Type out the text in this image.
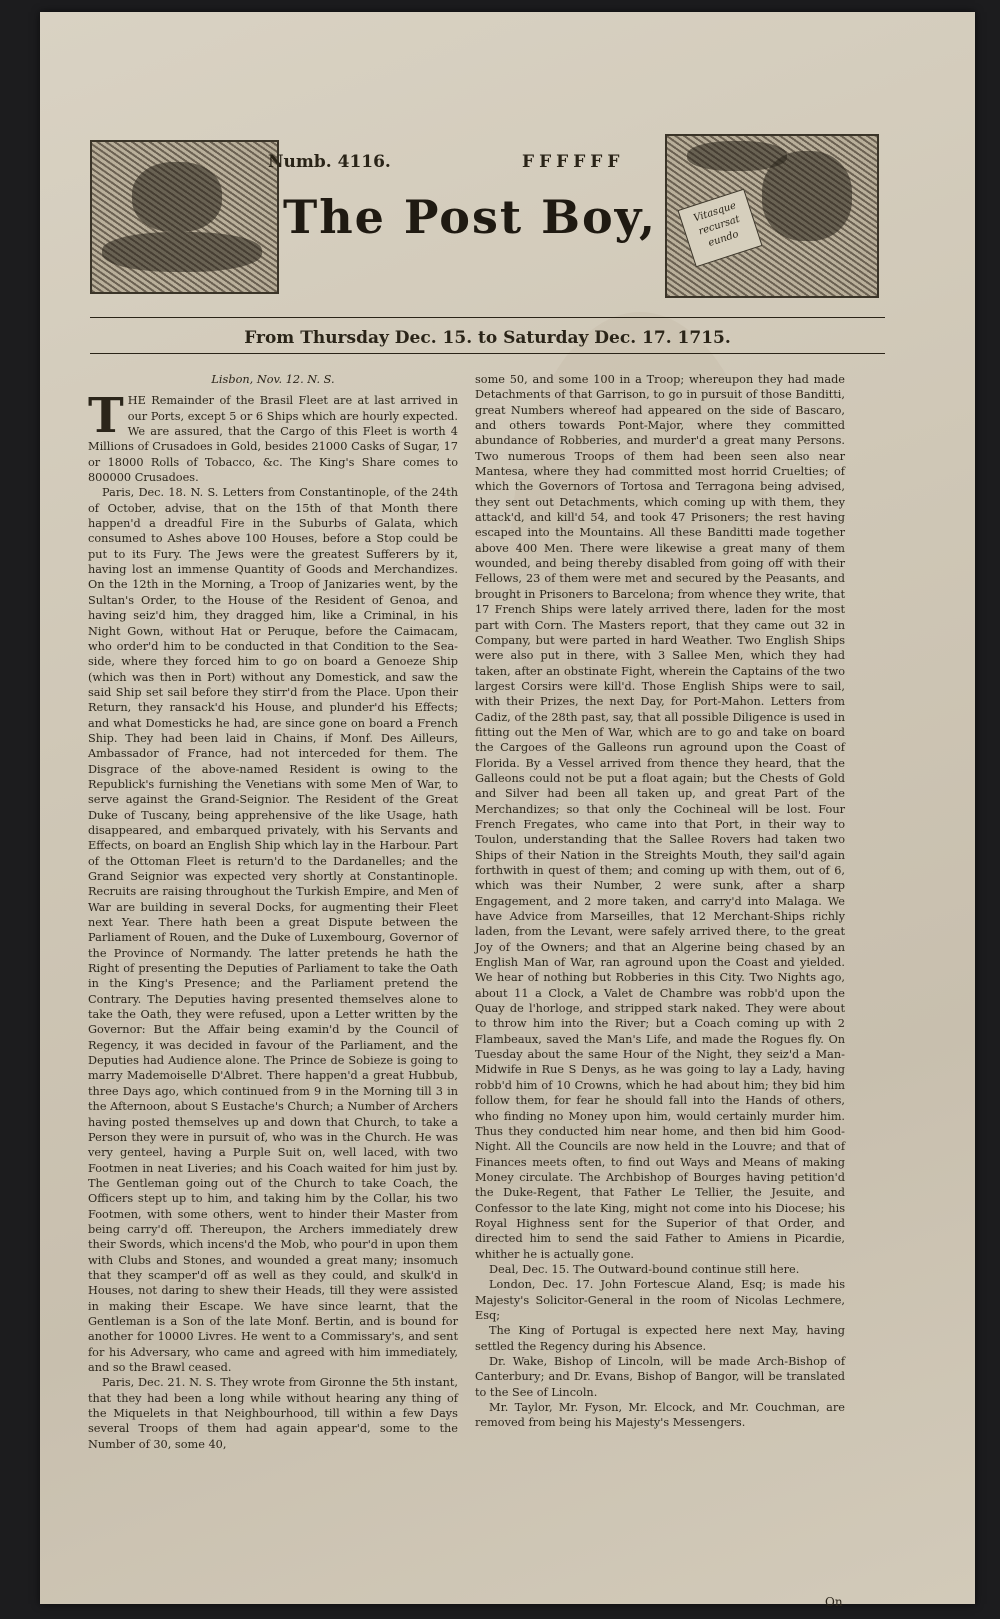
Vitasque recursat eundo
Numb. 4116.	FFFFFF
The Post Boy,
From Thursday Dec. 15. to Saturday Dec. 17. 1715.
Lisbon, Nov. 12. N. S.

THE Remainder of the Brasil Fleet are at last arrived in our Ports, except 5 or 6 Ships which are hourly expected. We are assured, that the Cargo of this Fleet is worth 4 Millions of Crusadoes in Gold, besides 21000 Casks of Sugar, 17 or 18000 Rolls of Tobacco, &c. The King's Share comes to 800000 Crusadoes.

Paris, Dec. 18. N. S. Letters from Constantinople, of the 24th of October, advise, that on the 15th of that Month there happen'd a dreadful Fire in the Suburbs of Galata, which consumed to Ashes above 100 Houses, before a Stop could be put to its Fury. The Jews were the greatest Sufferers by it, having lost an immense Quantity of Goods and Merchandizes. On the 12th in the Morning, a Troop of Janizaries went, by the Sultan's Order, to the House of the Resident of Genoa, and having seiz'd him, they dragged him, like a Criminal, in his Night Gown, without Hat or Peruque, before the Caimacam, who order'd him to be conducted in that Condition to the Sea-side, where they forced him to go on board a Genoeze Ship (which was then in Port) without any Domestick, and saw the said Ship set sail before they stirr'd from the Place. Upon their Return, they ransack'd his House, and plunder'd his Effects; and what Domesticks he had, are since gone on board a French Ship. They had been laid in Chains, if Monf. Des Ailleurs, Ambassador of France, had not interceded for them. The Disgrace of the above-named Resident is owing to the Republick's furnishing the Venetians with some Men of War, to serve against the Grand-Seignior. The Resident of the Great Duke of Tuscany, being apprehensive of the like Usage, hath disappeared, and embarqued privately, with his Servants and Effects, on board an English Ship which lay in the Harbour. Part of the Ottoman Fleet is return'd to the Dardanelles; and the Grand Seignior was expected very shortly at Constantinople. Recruits are raising throughout the Turkish Empire, and Men of War are building in several Docks, for augmenting their Fleet next Year. There hath been a great Dispute between the Parliament of Rouen, and the Duke of Luxembourg, Governor of the Province of Normandy. The latter pretends he hath the Right of presenting the Deputies of Parliament to take the Oath in the King's Presence; and the Parliament pretend the Contrary. The Deputies having presented themselves alone to take the Oath, they were refused, upon a Letter written by the Governor: But the Affair being examin'd by the Council of Regency, it was decided in favour of the Parliament, and the Deputies had Audience alone. The Prince de Sobieze is going to marry Mademoiselle D'Albret. There happen'd a great Hubbub, three Days ago, which continued from 9 in the Morning till 3 in the Afternoon, about S Eustache's Church; a Number of Archers having posted themselves up and down that Church, to take a Person they were in pursuit of, who was in the Church. He was very genteel, having a Purple Suit on, well laced, with two Footmen in neat Liveries; and his Coach waited for him just by. The Gentleman going out of the Church to take Coach, the Officers stept up to him, and taking him by the Collar, his two Footmen, with some others, went to hinder their Master from being carry'd off. Thereupon, the Archers immediately drew their Swords, which incens'd the Mob, who pour'd in upon them with Clubs and Stones, and wounded a great many; insomuch that they scamper'd off as well as they could, and skulk'd in Houses, not daring to shew their Heads, till they were assisted in making their Escape. We have since learnt, that the Gentleman is a Son of the late Monf. Bertin, and is bound for another for 10000 Livres. He went to a Commissary's, and sent for his Adversary, who came and agreed with him immediately, and so the Brawl ceased.

Paris, Dec. 21. N. S. They wrote from Gironne the 5th instant, that they had been a long while without hearing any thing of the Miquelets in that Neighbourhood, till within a few Days several Troops of them had again appear'd, some to the Number of 30, some 40,

some 50, and some 100 in a Troop; whereupon they had made Detachments of that Garrison, to go in pursuit of those Banditti, great Numbers whereof had appeared on the side of Bascaro, and others towards Pont-Major, where they committed abundance of Robberies, and murder'd a great many Persons. Two numerous Troops of them had been seen also near Mantesa, where they had committed most horrid Cruelties; of which the Governors of Tortosa and Terragona being advised, they sent out Detachments, which coming up with them, they attack'd, and kill'd 54, and took 47 Prisoners; the rest having escaped into the Mountains. All these Banditti made together above 400 Men. There were likewise a great many of them wounded, and being thereby disabled from going off with their Fellows, 23 of them were met and secured by the Peasants, and brought in Prisoners to Barcelona; from whence they write, that 17 French Ships were lately arrived there, laden for the most part with Corn. The Masters report, that they came out 32 in Company, but were parted in hard Weather. Two English Ships were also put in there, with 3 Sallee Men, which they had taken, after an obstinate Fight, wherein the Captains of the two largest Corsirs were kill'd. Those English Ships were to sail, with their Prizes, the next Day, for Port-Mahon. Letters from Cadiz, of the 28th past, say, that all possible Diligence is used in fitting out the Men of War, which are to go and take on board the Cargoes of the Galleons run aground upon the Coast of Florida. By a Vessel arrived from thence they heard, that the Galleons could not be put a float again; but the Chests of Gold and Silver had been all taken up, and great Part of the Merchandizes; so that only the Cochineal will be lost. Four French Fregates, who came into that Port, in their way to Toulon, understanding that the Sallee Rovers had taken two Ships of their Nation in the Streights Mouth, they sail'd again forthwith in quest of them; and coming up with them, out of 6, which was their Number, 2 were sunk, after a sharp Engagement, and 2 more taken, and carry'd into Malaga. We have Advice from Marseilles, that 12 Merchant-Ships richly laden, from the Levant, were safely arrived there, to the great Joy of the Owners; and that an Algerine being chased by an English Man of War, ran aground upon the Coast and yielded. We hear of nothing but Robberies in this City. Two Nights ago, about 11 a Clock, a Valet de Chambre was robb'd upon the Quay de l'horloge, and stripped stark naked. They were about to throw him into the River; but a Coach coming up with 2 Flambeaux, saved the Man's Life, and made the Rogues fly. On Tuesday about the same Hour of the Night, they seiz'd a Man-Midwife in Rue S Denys, as he was going to lay a Lady, having robb'd him of 10 Crowns, which he had about him; they bid him follow them, for fear he should fall into the Hands of others, who finding no Money upon him, would certainly murder him. Thus they conducted him near home, and then bid him Good-Night. All the Councils are now held in the Louvre; and that of Finances meets often, to find out Ways and Means of making Money circulate. The Archbishop of Bourges having petition'd the Duke-Regent, that Father Le Tellier, the Jesuite, and Confessor to the late King, might not come into his Diocese; his Royal Highness sent for the Superior of that Order, and directed him to send the said Father to Amiens in Picardie, whither he is actually gone.

Deal, Dec. 15. The Outward-bound continue still here.

London, Dec. 17. John Fortescue Aland, Esq; is made his Majesty's Solicitor-General in the room of Nicolas Lechmere, Esq;

The King of Portugal is expected here next May, having settled the Regency during his Absence.

Dr. Wake, Bishop of Lincoln, will be made Arch-Bishop of Canterbury; and Dr. Evans, Bishop of Bangor, will be translated to the See of Lincoln.

Mr. Taylor, Mr. Fyson, Mr. Elcock, and Mr. Couchman, are removed from being his Majesty's Messengers.

On
